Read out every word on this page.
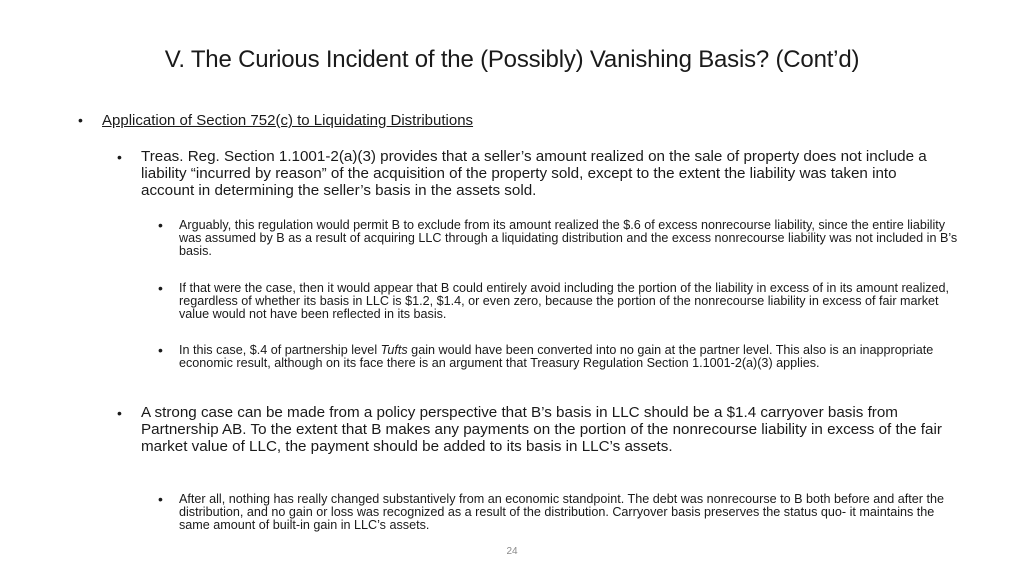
V. The Curious Incident of the (Possibly) Vanishing Basis? (Cont’d)
• Application of Section 752(c) to Liquidating Distributions
• Treas. Reg. Section 1.1001-2(a)(3) provides that a seller’s amount realized on the sale of property does not include a liability “incurred by reason” of the acquisition of the property sold, except to the extent the liability was taken into account in determining the seller’s basis in the assets sold.
• Arguably, this regulation would permit B to exclude from its amount realized the $.6 of excess nonrecourse liability, since the entire liability was assumed by B as a result of acquiring LLC through a liquidating distribution and the excess nonrecourse liability was not included in B’s basis.
• If that were the case, then it would appear that B could entirely avoid including the portion of the liability in excess of in its amount realized, regardless of whether its basis in LLC is $1.2, $1.4, or even zero, because the portion of the nonrecourse liability in excess of fair market value would not have been reflected in its basis.
• In this case, $.4 of partnership level Tufts gain would have been converted into no gain at the partner level. This also is an inappropriate economic result, although on its face there is an argument that Treasury Regulation Section 1.1001-2(a)(3) applies.
• A strong case can be made from a policy perspective that B’s basis in LLC should be a $1.4 carryover basis from Partnership AB. To the extent that B makes any payments on the portion of the nonrecourse liability in excess of the fair market value of LLC, the payment should be added to its basis in LLC’s assets.
• After all, nothing has really changed substantively from an economic standpoint. The debt was nonrecourse to B both before and after the distribution, and no gain or loss was recognized as a result of the distribution. Carryover basis preserves the status quo- it maintains the same amount of built-in gain in LLC’s assets.
24
